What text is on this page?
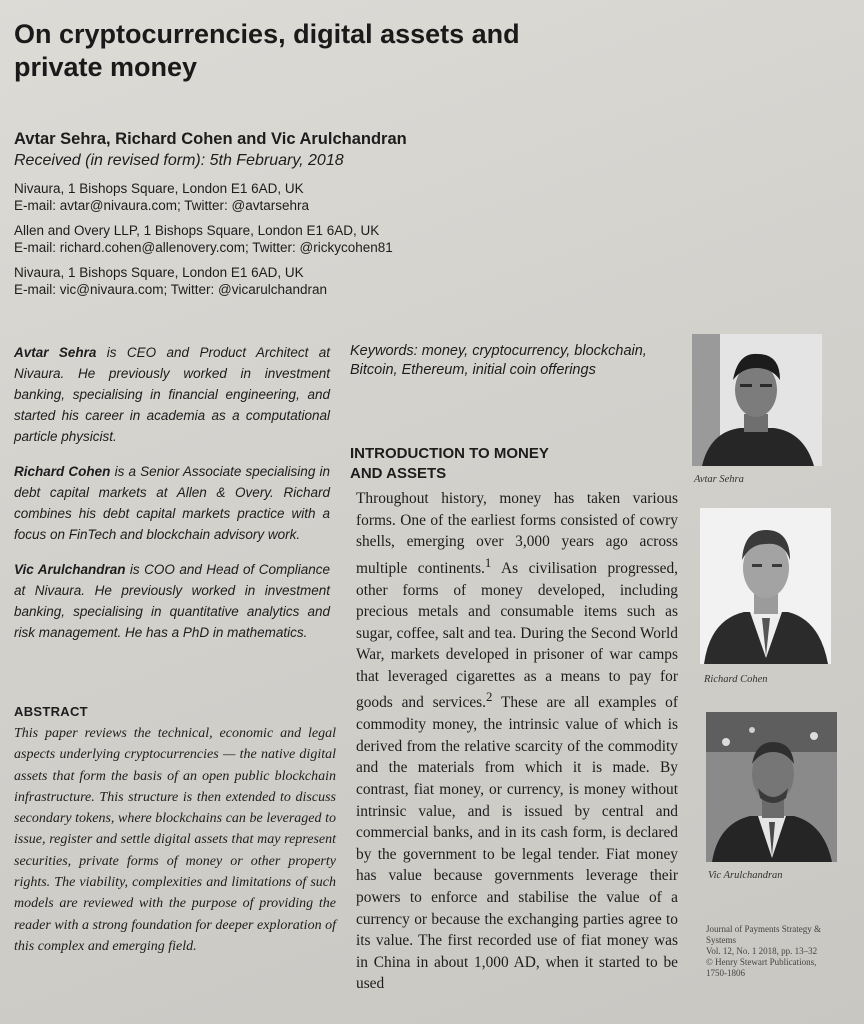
On cryptocurrencies, digital assets and private money
Avtar Sehra, Richard Cohen and Vic Arulchandran
Received (in revised form): 5th February, 2018
Nivaura, 1 Bishops Square, London E1 6AD, UK
E-mail: avtar@nivaura.com; Twitter: @avtarsehra
Allen and Overy LLP, 1 Bishops Square, London E1 6AD, UK
E-mail: richard.cohen@allenovery.com; Twitter: @rickycohen81
Nivaura, 1 Bishops Square, London E1 6AD, UK
E-mail: vic@nivaura.com; Twitter: @vicarulchandran

Avtar Sehra is CEO and Product Architect at Nivaura. He previously worked in investment banking, specialising in financial engineering, and started his career in academia as a computational particle physicist.

Richard Cohen is a Senior Associate specialising in debt capital markets at Allen & Overy. Richard combines his debt capital markets practice with a focus on FinTech and blockchain advisory work.

Vic Arulchandran is COO and Head of Compliance at Nivaura. He previously worked in investment banking, specialising in quantitative analytics and risk management. He has a PhD in mathematics.

ABSTRACT

This paper reviews the technical, economic and legal aspects underlying cryptocurrencies — the native digital assets that form the basis of an open public blockchain infrastructure. This structure is then extended to discuss secondary tokens, where blockchains can be leveraged to issue, register and settle digital assets that may represent securities, private forms of money or other property rights. The viability, complexities and limitations of such models are reviewed with the purpose of providing the reader with a strong foundation for deeper exploration of this complex and emerging field.

Keywords: money, cryptocurrency, blockchain, Bitcoin, Ethereum, initial coin offerings
INTRODUCTION TO MONEY
AND ASSETS

Throughout history, money has taken various forms. One of the earliest forms consisted of cowry shells, emerging over 3,000 years ago across multiple continents.$^1$ As civilisation progressed, other forms of money developed, including precious metals and consumable items such as sugar, coffee, salt and tea. During the Second World War, markets developed in prisoner of war camps that leveraged cigarettes as a means to pay for goods and services.$^2$ These are all examples of commodity money, the intrinsic value of which is derived from the relative scarcity of the commodity and the materials from which it is made. By contrast, fiat money, or currency, is money without intrinsic value, and is issued by central and commercial banks, and in its cash form, is declared by the government to be legal tender. Fiat money has value because governments leverage their powers to enforce and stabilise the value of a currency or because the exchanging parties agree to its value. The first recorded use of fiat money was in China in about 1,000 AD, when it started to be used

Avtar Sehra
Richard Cohen
Vic Arulchandran
Journal of Payments Strategy &
Systems
Vol. 12, No. 1 2018, pp. 13–32
© Henry Stewart Publications,
1750-1806
